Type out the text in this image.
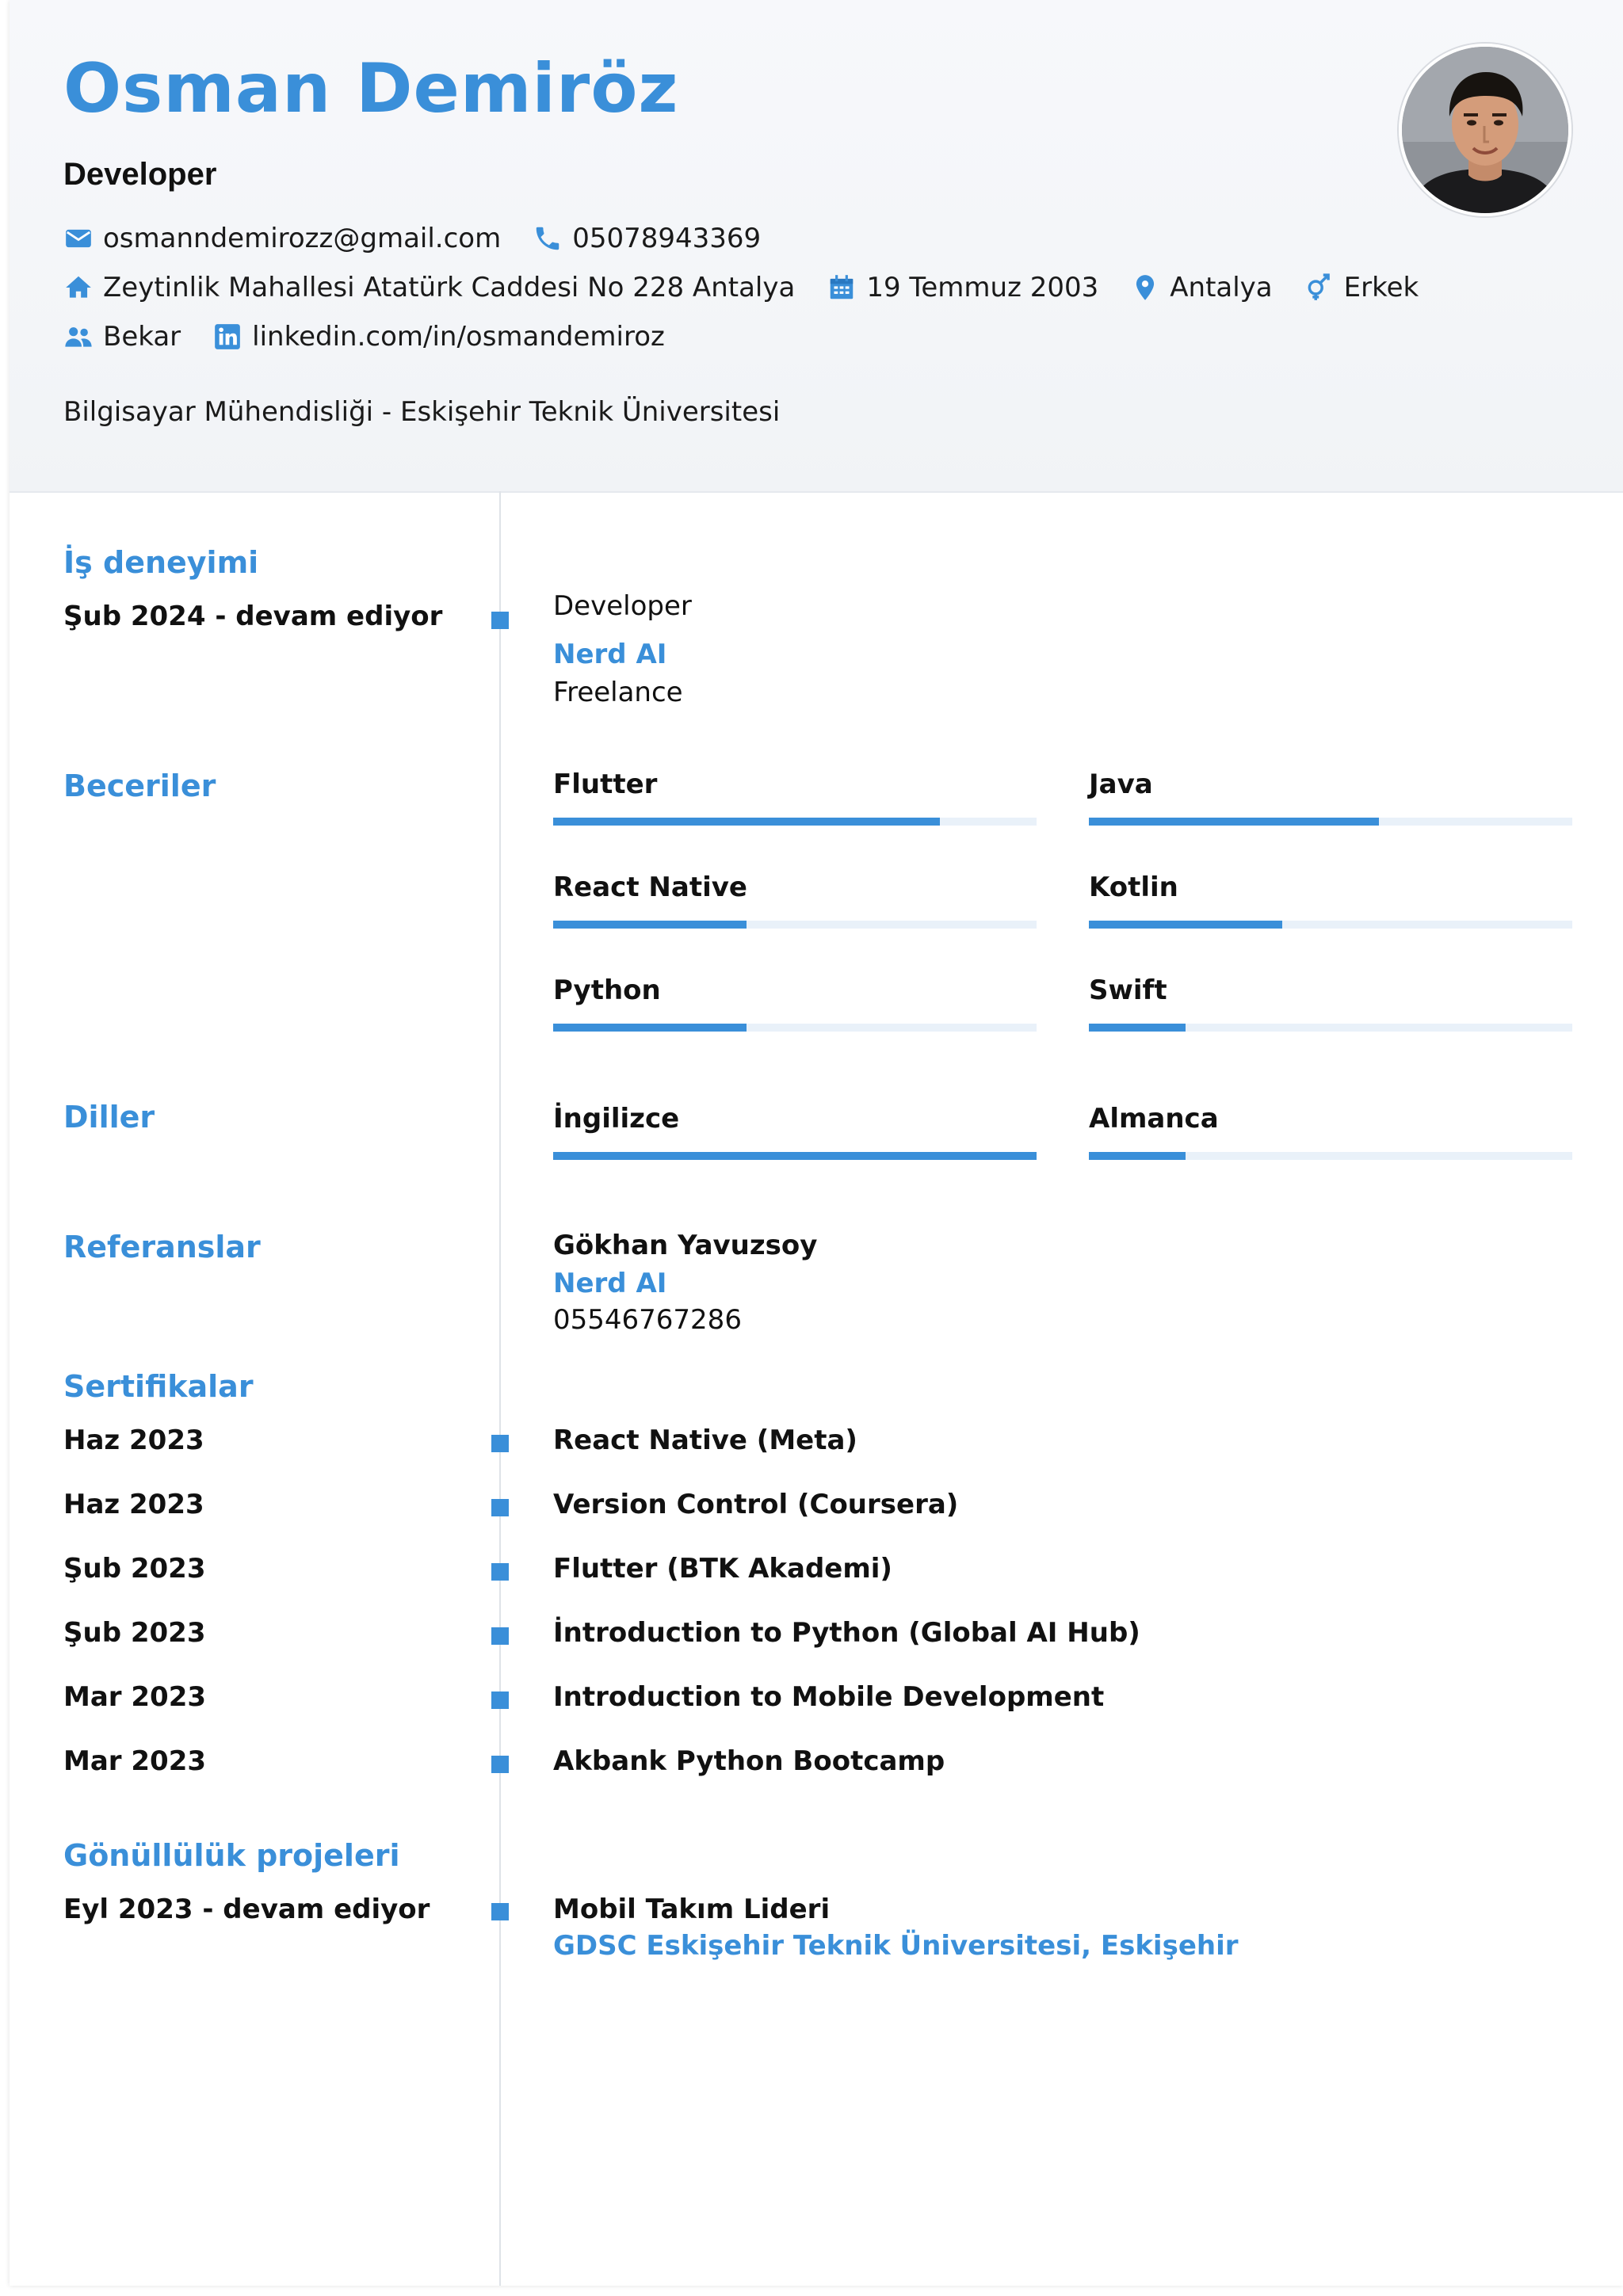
Osman Demiröz
Developer
osmanndemirozz@gmail.com	05078943369
Zeytinlik Mahallesi Atatürk Caddesi No 228 Antalya	19 Temmuz 2003	Antalya	Erkek
Bekar	linkedin.com/in/osmandemiroz
Bilgisayar Mühendisliği - Eskişehir Teknik Üniversitesi
İş deneyimi
Şub 2024 - devam ediyor	Developer
Nerd AI
Freelance
Beceriler	Flutter	Java
React Native	Kotlin
Python	Swift
Diller	İngilizce	Almanca
Referanslar	Gökhan Yavuzsoy
Nerd AI
05546767286
Sertifikalar
Haz 2023	React Native (Meta)
Haz 2023	Version Control (Coursera)
Şub 2023	Flutter (BTK Akademi)
Şub 2023	İntroduction to Python (Global AI Hub)
Mar 2023	Introduction to Mobile Development
Mar 2023	Akbank Python Bootcamp
Gönüllülük projeleri
Eyl 2023 - devam ediyor	Mobil Takım Lideri
GDSC Eskişehir Teknik Üniversitesi, Eskişehir
